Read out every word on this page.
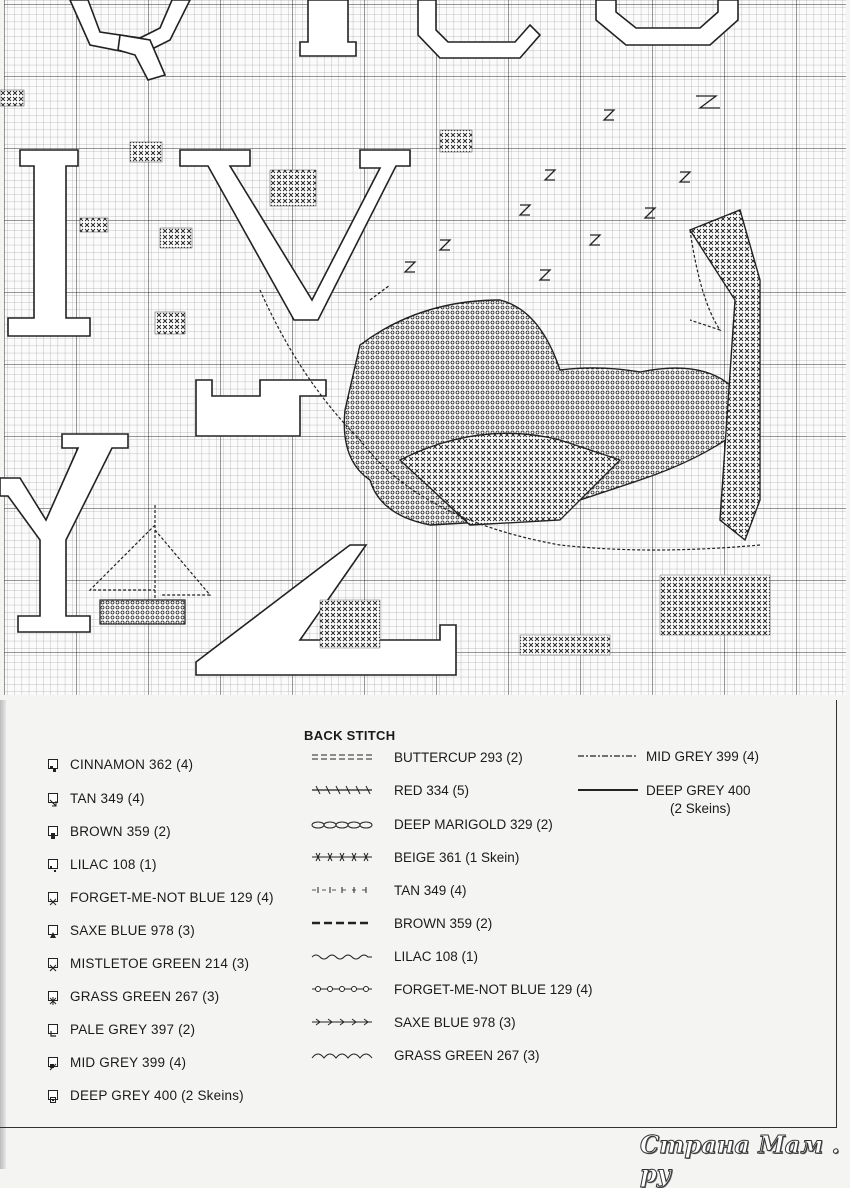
CINNAMON 362 (4)
TAN 349 (4)
BROWN 359 (2)
LILAC 108 (1)
FORGET-ME-NOT BLUE 129 (4)
SAXE BLUE 978 (3)
MISTLETOE GREEN 214 (3)
GRASS GREEN 267 (3)
PALE GREY 397 (2)
MID GREY 399 (4)
DEEP GREY 400 (2 Skeins)
BACK STITCH
BUTTERCUP 293 (2)
RED 334 (5)
DEEP MARIGOLD 329 (2)
BEIGE 361 (1 Skein)
TAN 349 (4)
BROWN 359 (2)
LILAC 108 (1)
FORGET-ME-NOT BLUE 129 (4)
SAXE BLUE 978 (3)
GRASS GREEN 267 (3)
MID GREY 399 (4)
DEEP GREY 400
(2 Skeins)
Страна Мам . ру
